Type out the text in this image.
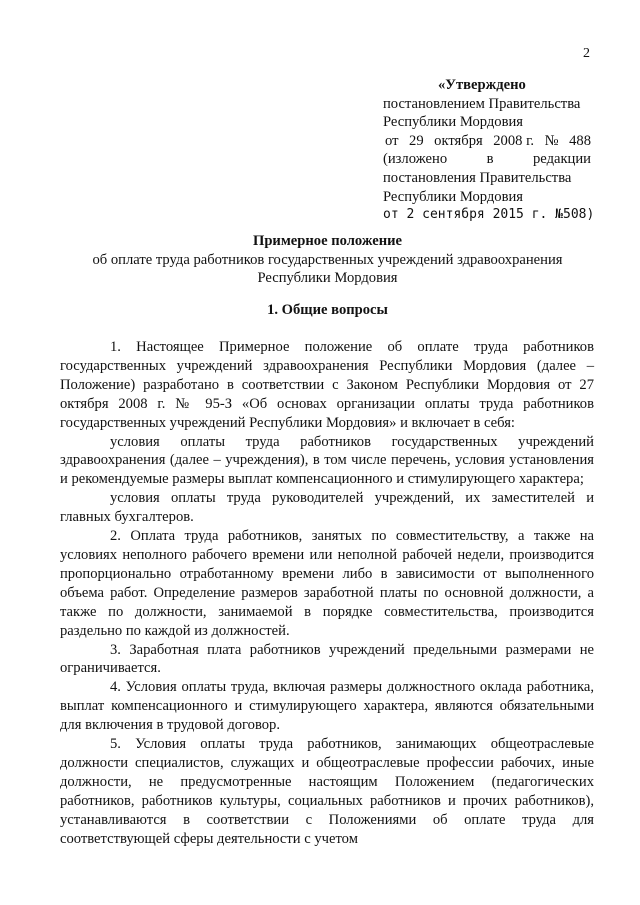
2
«Утверждено
постановлением Правительства
Республики Мордовия
от 29 октября 2008 г. № 488
(изложено	в	редакции
постановления Правительства
Республики Мордовия
от 2 сентября 2015 г. №508)
Примерное положение
об оплате труда работников государственных учреждений здравоохранения
Республики Мордовия
1. Общие вопросы

1. Настоящее Примерное положение об оплате труда работников государственных учреждений здравоохранения Республики Мордовия (далее – Положение) разработано в соответствии с Законом Республики Мордовия от 27 октября 2008 г. № 95-З «Об основах организации оплаты труда работников государственных учреждений Республики Мордовия» и включает в себя:

условия оплаты труда работников государственных учреждений здравоохранения (далее – учреждения), в том числе перечень, условия установления и рекомендуемые размеры выплат компенсационного и стимулирующего характера;

условия оплаты труда руководителей учреждений, их заместителей и главных бухгалтеров.

2. Оплата труда работников, занятых по совместительству, а также на условиях неполного рабочего времени или неполной рабочей недели, производится пропорционально отработанному времени либо в зависимости от выполненного объема работ. Определение размеров заработной платы по основной должности, а также по должности, занимаемой в порядке совместительства, производится раздельно по каждой из должностей.

3. Заработная плата работников учреждений предельными размерами не ограничивается.

4. Условия оплаты труда, включая размеры должностного оклада работника, выплат компенсационного и стимулирующего характера, являются обязательными для включения в трудовой договор.

5. Условия оплаты труда работников, занимающих общеотраслевые должности специалистов, служащих и общеотраслевые профессии рабочих, иные должности, не предусмотренные настоящим Положением (педагогических работников, работников культуры, социальных работников и прочих работников), устанавливаются в соответствии с Положениями об оплате труда для соответствующей сферы деятельности с учетом
